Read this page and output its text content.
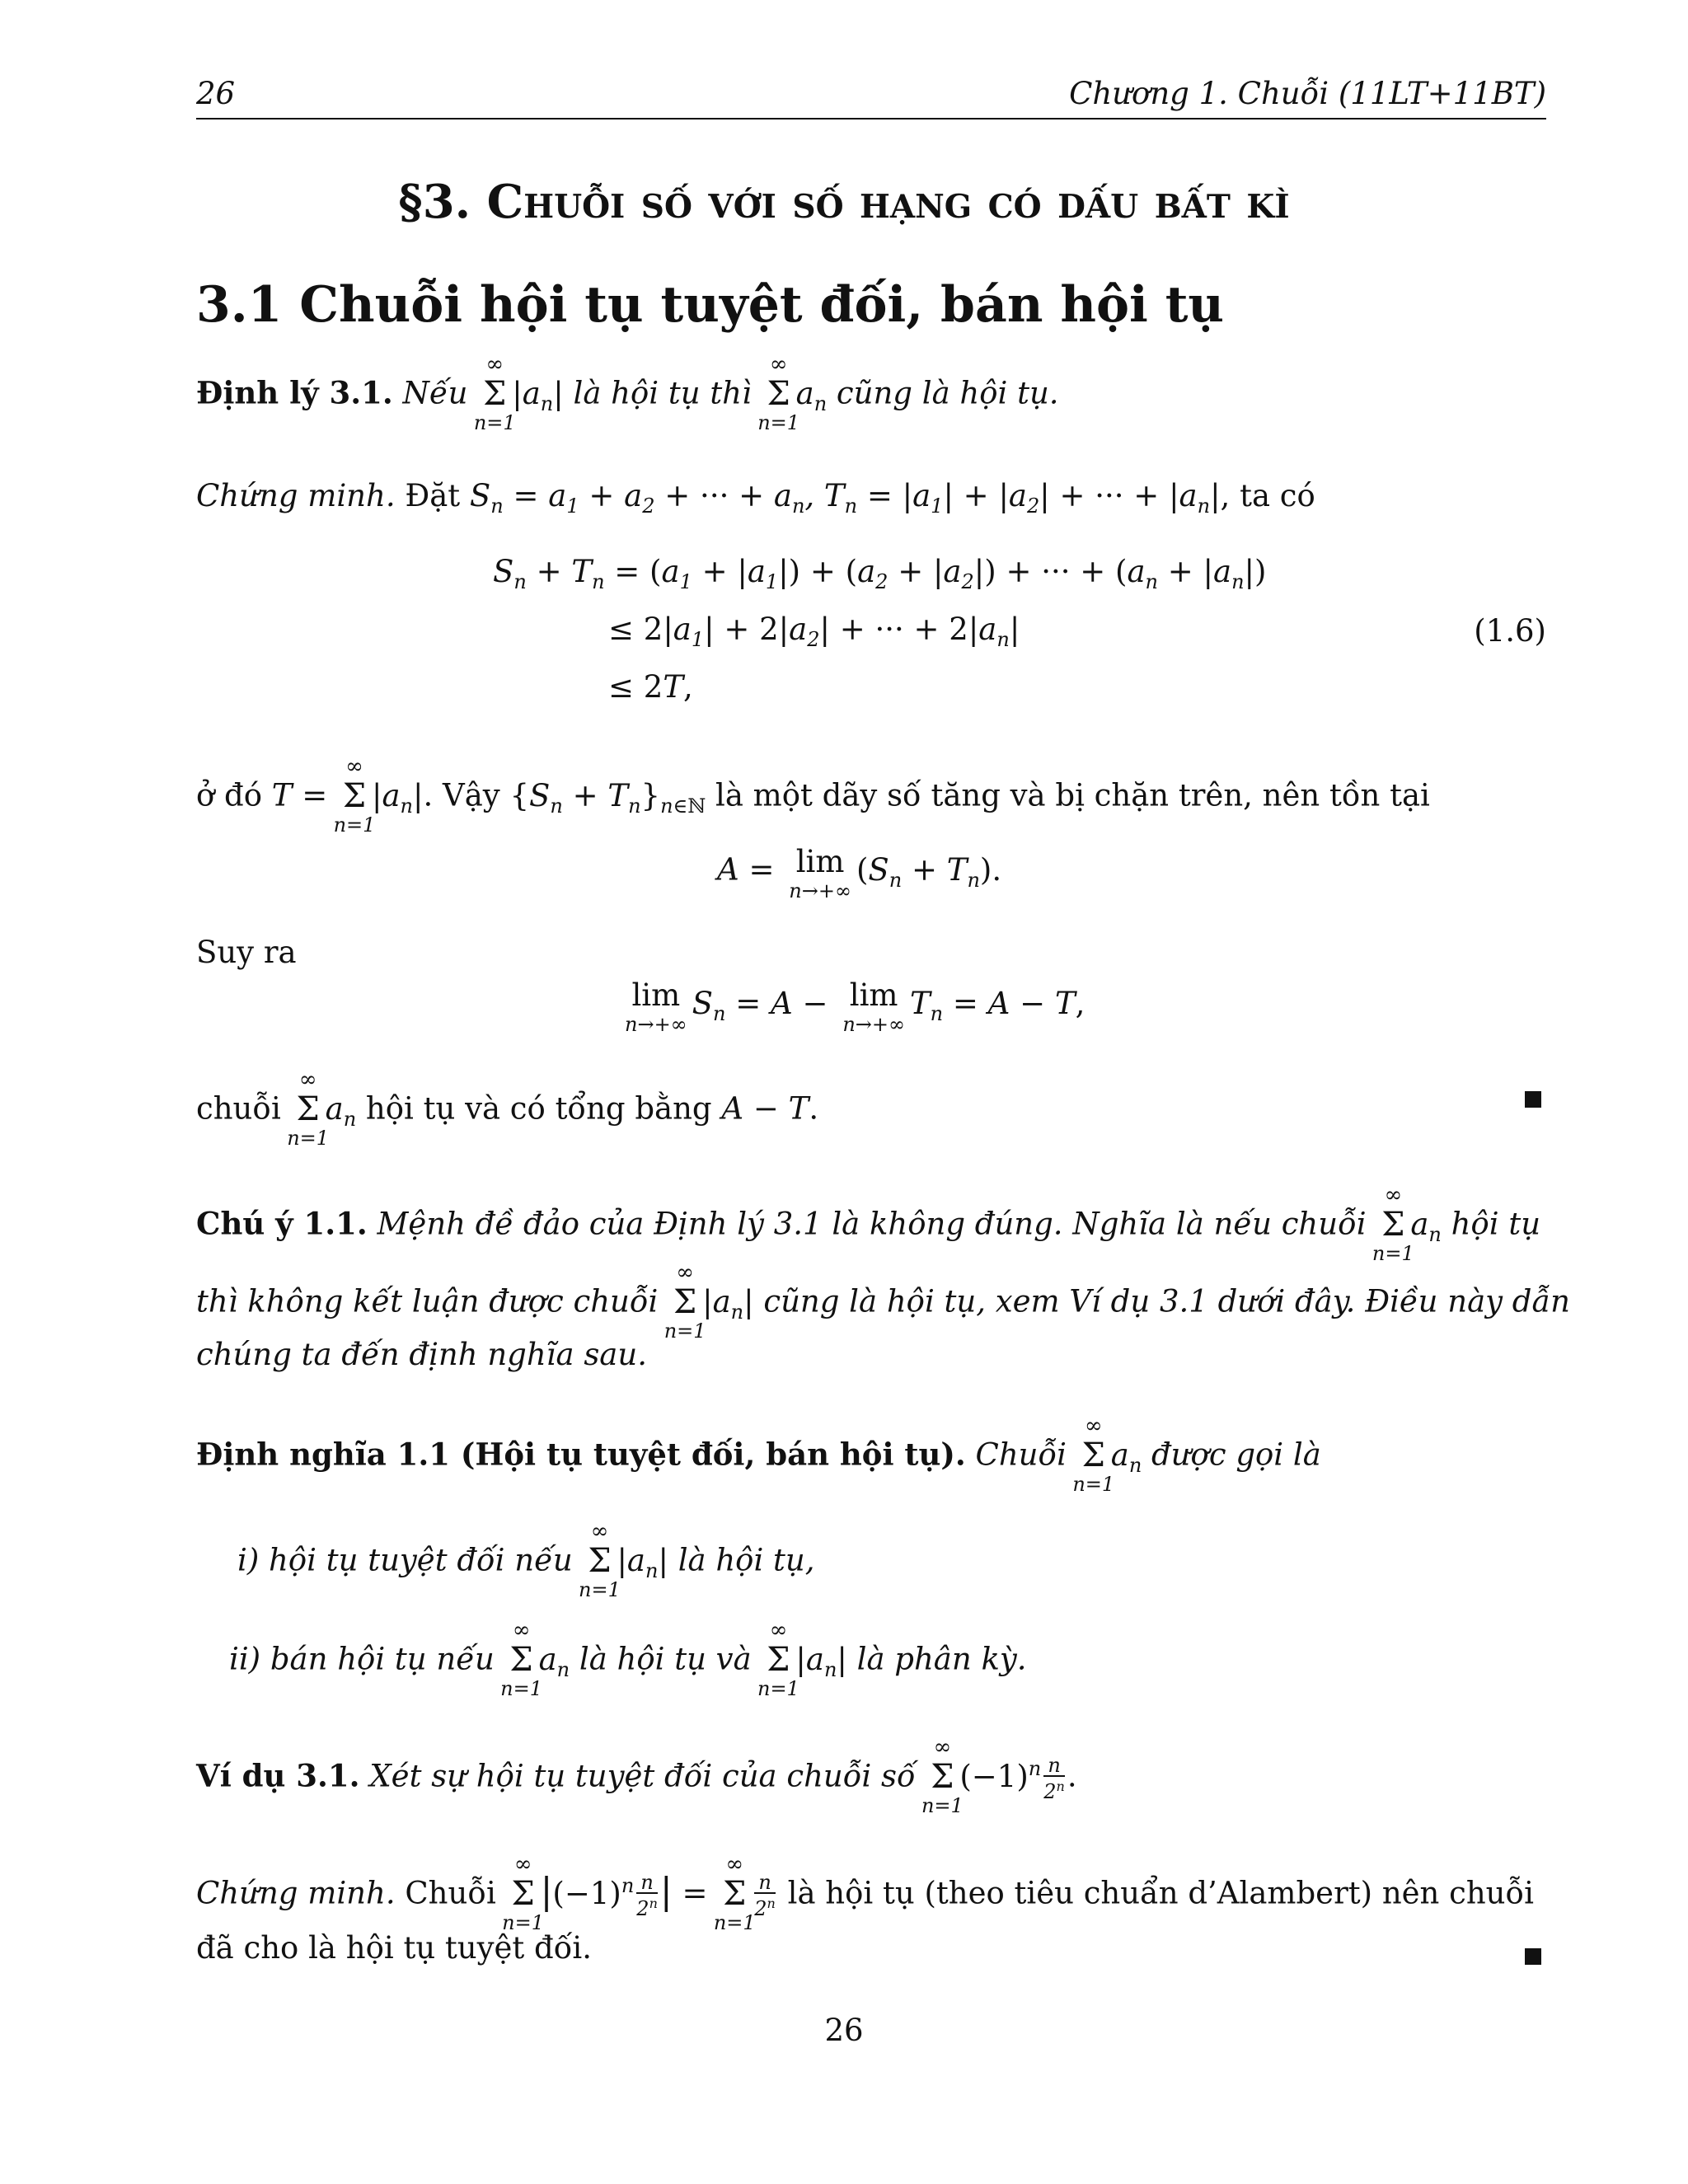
26	Chương 1. Chuỗi (11LT+11BT)
§3. Chuỗi số với số hạng có dấu bất kì
3.1 Chuỗi hội tụ tuyệt đối, bán hội tụ
Định lý 3.1. Nếu
∞
Σ
n=1
$|a_n|$ là hội tụ thì
∞
Σ
n=1
$a_n$ cũng là hội tụ.
Chứng minh. Đặt $S_n = a_1 + a_2$ + ··· + $a_n$, $T_n = |a_1| + |a_2|$ + ··· + $|a_n|$, ta có
$S_n + T_n = (a_1 + |a_1|) + (a_2 + |a_2|)$ + ··· + $(a_n + |a_n|)$
≤ $2|a_1| + 2|a_2|$ + ··· + $2|a_n|$	(1.6)
≤ 2T,
ở đó T =
∞
Σ
n=1
$|a_n|$. Vậy $\{S_n + T_n\}_{n\in ℕ}$ là một dãy số tăng và bị chặn trên, nên tồn tại
A = lim
n→+∞
$(S_n + T_n)$.
Suy ra
lim
n→+∞
$S_n = A - \lim$
n→+∞
$T_n = A - T$,
chuỗi
∞
Σ
n=1
$a_n$ hội tụ và có tổng bằng A − T.
Chú ý 1.1. Mệnh đề đảo của Định lý 3.1 là không đúng. Nghĩa là nếu chuỗi
∞
Σ
n=1
$a_n$ hội tụ
thì không kết luận được chuỗi
∞
Σ
n=1
$|a_n|$ cũng là hội tụ, xem Ví dụ 3.1 dưới đây. Điều này dẫn
chúng ta đến định nghĩa sau.
Định nghĩa 1.1 (Hội tụ tuyệt đối, bán hội tụ). Chuỗi
∞
Σ
n=1
$a_n$ được gọi là
i) hội tụ tuyệt đối nếu
∞
Σ
n=1
$|a_n|$ là hội tụ,
ii) bán hội tụ nếu
∞
Σ
n=1
$a_n$ là hội tụ và
∞
Σ
n=1
$|a_n|$ là phân kỳ.
Ví dụ 3.1. Xét sự hội tụ tuyệt đối của chuỗi số
∞
Σ
n=1
$(-1)^n \frac{n}{2^n}$ .
Chứng minh. Chuỗi
∞
Σ
n=1
$|(-1)^n \frac{n}{2^n}$ | =
∞
Σ
n=1
$\frac{n}{2^n}$ là hội tụ (theo tiêu chuẩn d’Alambert) nên chuỗi
đã cho là hội tụ tuyệt đối.
26
